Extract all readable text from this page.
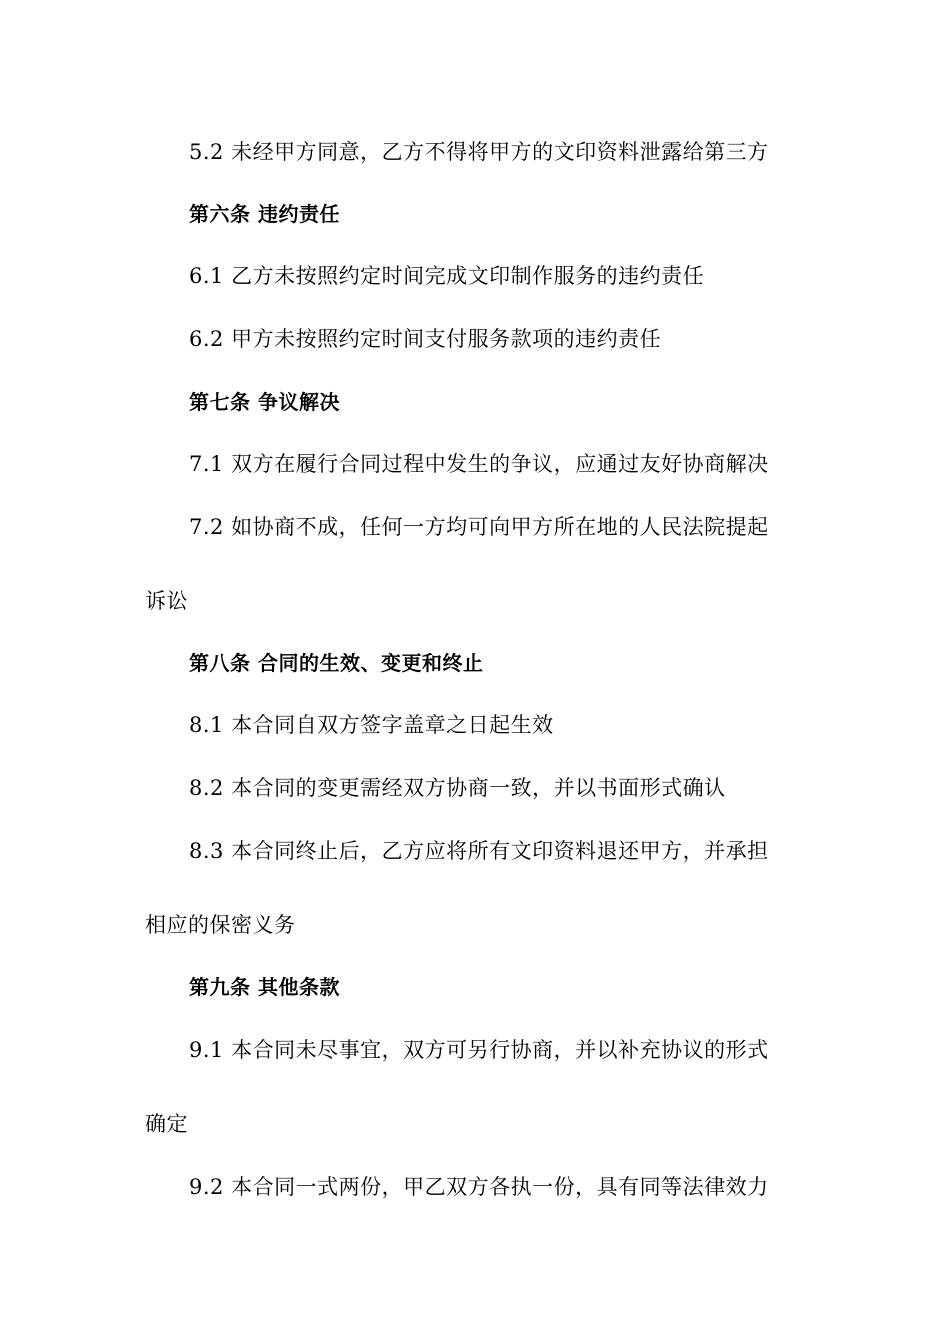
5.2 未经甲方同意，乙方不得将甲方的文印资料泄露给第三方
第六条 违约责任
6.1 乙方未按照约定时间完成文印制作服务的违约责任
6.2 甲方未按照约定时间支付服务款项的违约责任
第七条 争议解决
7.1 双方在履行合同过程中发生的争议，应通过友好协商解决
7.2 如协商不成，任何一方均可向甲方所在地的人民法院提起
诉讼
第八条 合同的生效、变更和终止
8.1 本合同自双方签字盖章之日起生效
8.2 本合同的变更需经双方协商一致，并以书面形式确认
8.3 本合同终止后，乙方应将所有文印资料退还甲方，并承担
相应的保密义务
第九条 其他条款
9.1 本合同未尽事宜，双方可另行协商，并以补充协议的形式
确定
9.2 本合同一式两份，甲乙双方各执一份，具有同等法律效力
